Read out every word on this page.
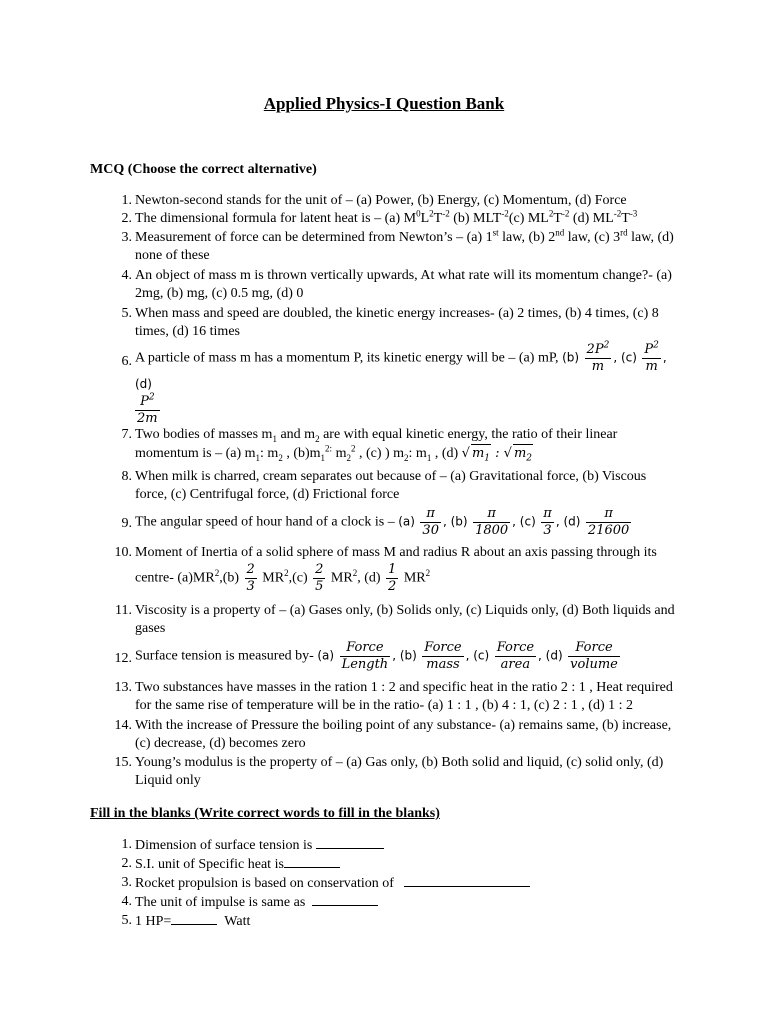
Applied Physics-I Question Bank
MCQ (Choose the correct alternative)
1. Newton-second stands for the unit of – (a) Power, (b) Energy, (c) Momentum, (d) Force
2. The dimensional formula for latent heat is – (a) $M^0L^2T^{-2}$ (b) $MLT^{-2}(c)$ $ML^2T^{-2}$ (d) $ML^{-2}T^{-3}$
3. Measurement of force can be determined from Newton’s – (a) 1st law, (b) 2nd law, (c) 3rd law, (d) none of these
4. An object of mass m is thrown vertically upwards, At what rate will its momentum change?- (a) 2mg, (b) mg, (c) 0.5 mg, (d) 0
5. When mass and speed are doubled, the kinetic energy increases- (a) 2 times, (b) 4 times, (c) 8 times, (d) 16 times
6. A particle of mass m has a momentum P, its kinetic energy will be – (a) mP, $(b) \frac{2P^2}{m}$ , $(c) \frac{P^2}{m}$ , (d)

$\frac{P^2}{2m}$
7. Two bodies of masses $m_1$ and $m_2$ are with equal kinetic energy, the ratio of their linear momentum is – (a) $m_1$: $m_2$ , $(b)m_1^{2:}$ $m_2^2$ , (c) ) $m_2$: $m_1$ , (d) √ $m_1$ : √ $m_2$
8. When milk is charred, cream separates out because of – (a) Gravitational force, (b) Viscous force, (c) Centrifugal force, (d) Frictional force
9. The angular speed of hour hand of a clock is – $(a) \frac{\pi}{30}$ , $(b) \frac{\pi}{1800}$ , $(c) \frac{\pi}{3}$ , $(d) \frac{\pi}{21600}$
10. Moment of Inertia of a solid sphere of mass M and radius R about an axis passing through its centre- $(a)MR^2,(b) \frac{2}{3} MR^2,(c) \frac{2}{5} MR^2$, $(d) \frac{1}{2} MR^2$
11. Viscosity is a property of – (a) Gases only, (b) Solids only, (c) Liquids only, (d) Both liquids and gases
12. Surface tension is measured by- $(a) \frac{\text{Force}}{\text{Length}}$ , $(b) \frac{\text{Force}}{\text{mass}}$ , $(c) \frac{\text{Force}}{\text{area}}$ , $(d) \frac{\text{Force}}{\text{volume}}$
13. Two substances have masses in the ration 1 : 2 and specific heat in the ratio 2 : 1 , Heat required for the same rise of temperature will be in the ratio- (a) 1 : 1 , (b) 4 : 1, (c) 2 : 1 , (d) 1 : 2
14. With the increase of Pressure the boiling point of any substance- (a) remains same, (b) increase, (c) decrease, (d) becomes zero
15. Young’s modulus is the property of – (a) Gas only, (b) Both solid and liquid, (c) solid only, (d) Liquid only
Fill in the blanks (Write correct words to fill in the blanks)
1. Dimension of surface tension is
2. S.I. unit of Specific heat is
3. Rocket propulsion is based on conservation of
4. The unit of impulse is same as
5. 1 HP=	Watt
